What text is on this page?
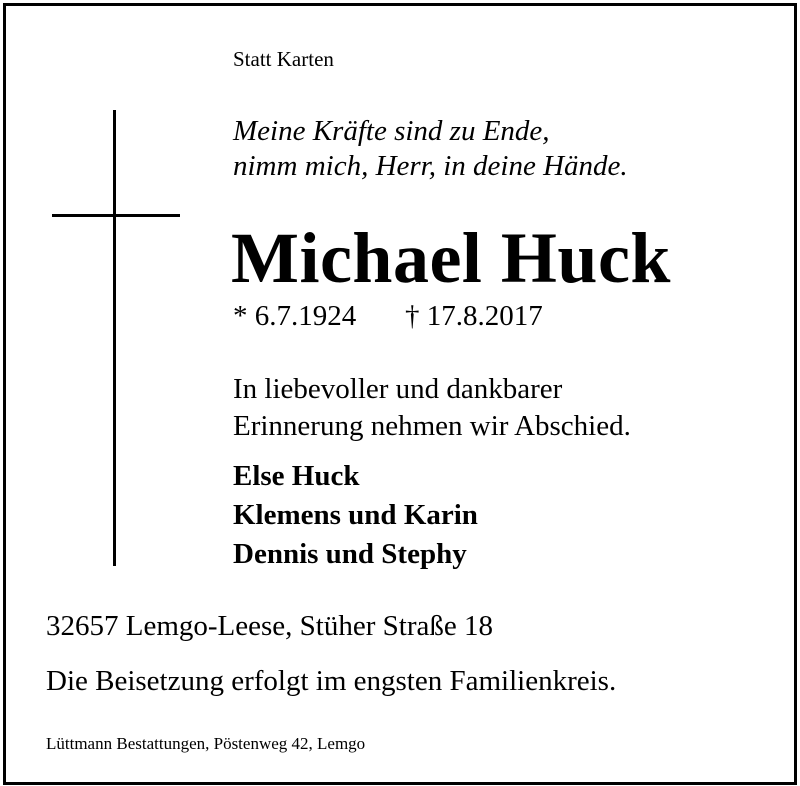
Statt Karten
Meine Kräfte sind zu Ende,
nimm mich, Herr, in deine Hände.
Michael Huck
* 6.7.1924 † 17.8.2017
In liebevoller und dankbarer
Erinnerung nehmen wir Abschied.
Else Huck
Klemens und Karin
Dennis und Stephy
32657 Lemgo-Leese, Stüher Straße 18
Die Beisetzung erfolgt im engsten Familienkreis.
Lüttmann Bestattungen, Pöstenweg 42, Lemgo
